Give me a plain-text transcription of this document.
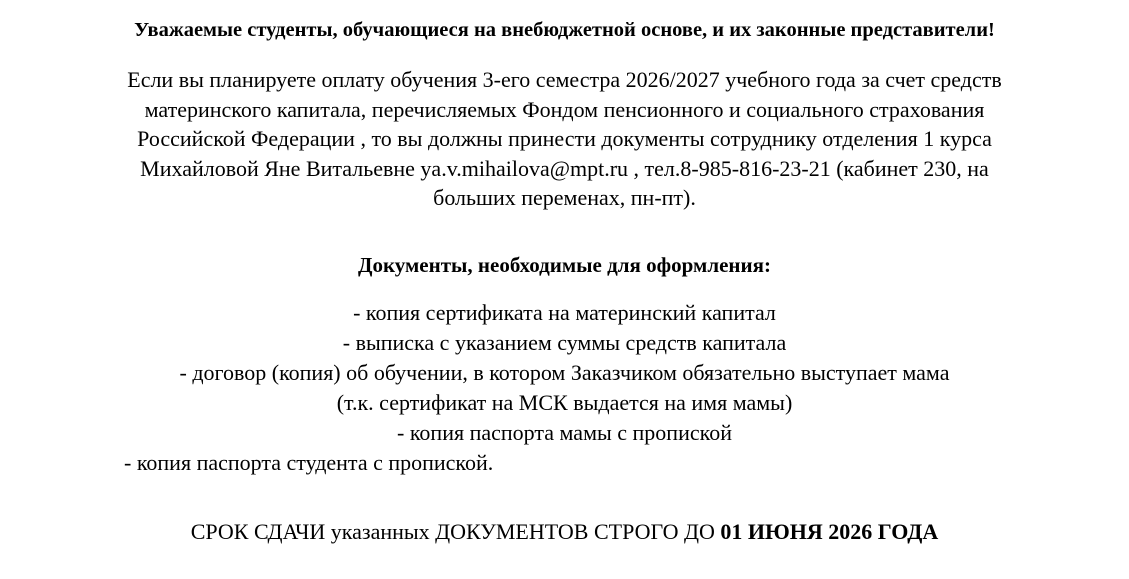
Уважаемые студенты, обучающиеся на внебюджетной основе, и их законные представители!
Если вы планируете оплату обучения 3-его семестра 2026/2027 учебного года за счет средств
материнского капитала, перечисляемых Фондом пенсионного и социального страхования
Российской Федерации , то вы должны принести документы сотруднику отделения 1 курса
Михайловой Яне Витальевне ya.v.mihailova@mpt.ru , тел.8-985-816-23-21 (кабинет 230, на
больших переменах, пн-пт).
Документы, необходимые для оформления:
- копия сертификата на материнский капитал
- выписка с указанием суммы средств капитала
- договор (копия) об обучении, в котором Заказчиком обязательно выступает мама
(т.к. сертификат на МСК выдается на имя мамы)
- копия паспорта мамы с пропиской
- копия паспорта студента с пропиской.
СРОК СДАЧИ указанных ДОКУМЕНТОВ СТРОГО ДО 01 ИЮНЯ 2026 ГОДА
